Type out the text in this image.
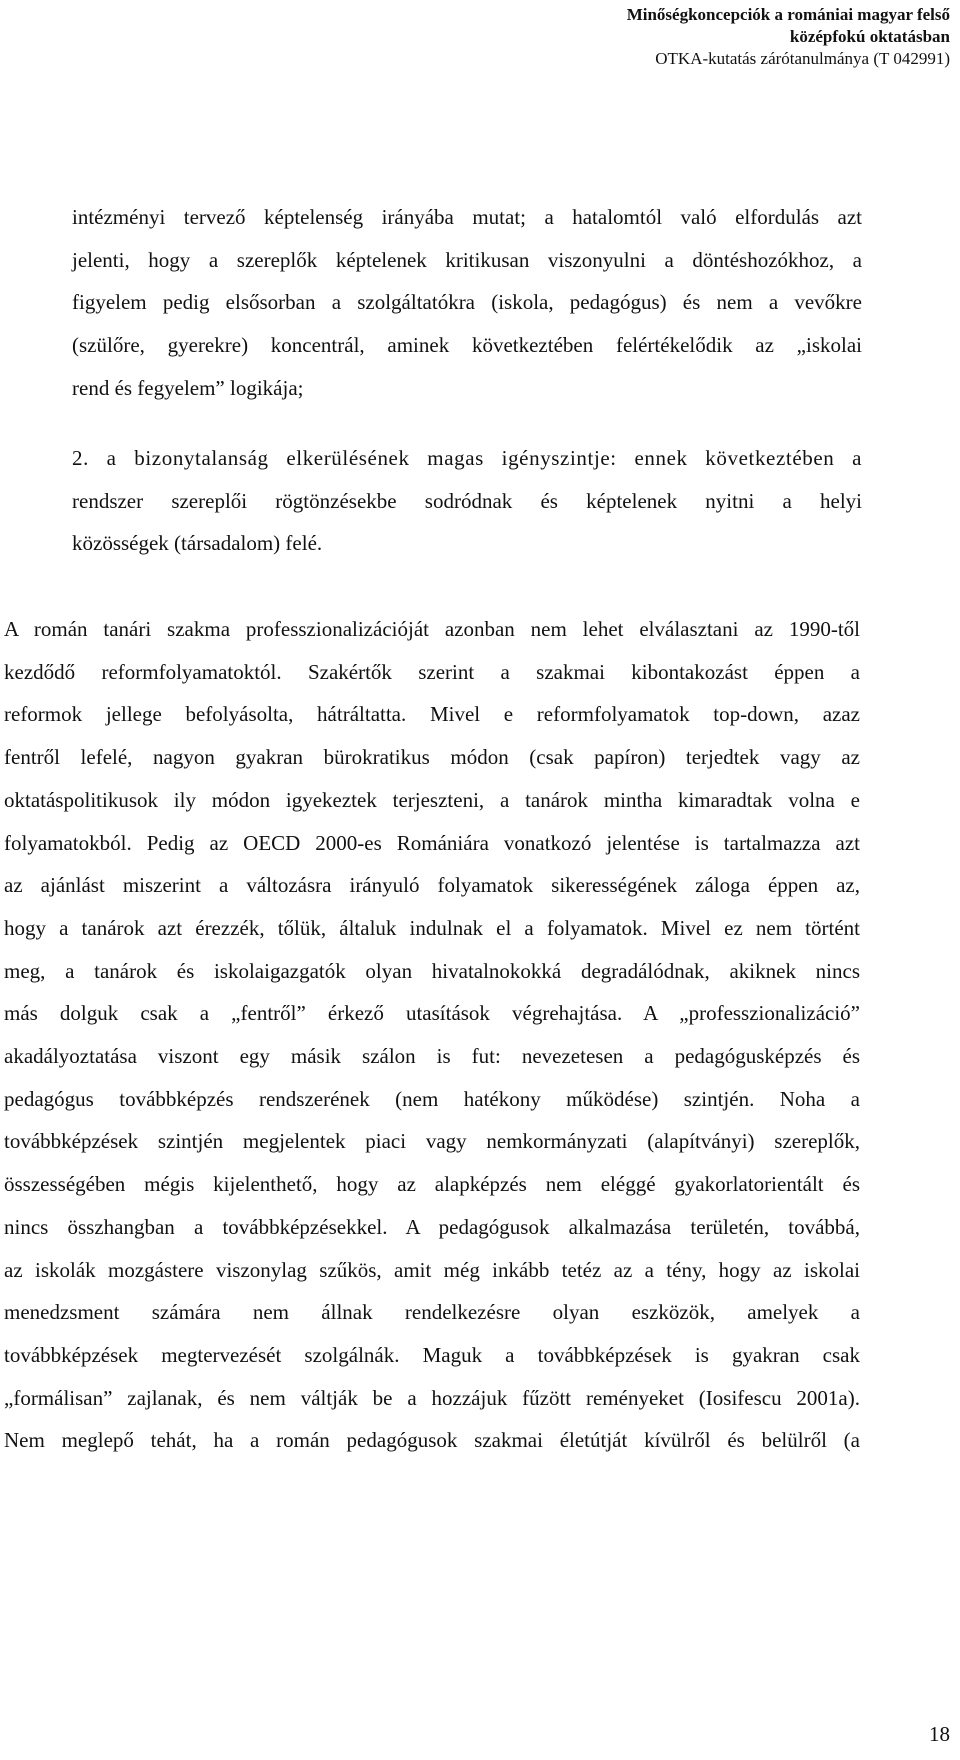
Minőségkoncepciók a romániai magyar felső
középfokú oktatásban
OTKA-kutatás zárótanulmánya (T 042991)
intézményi tervező képtelenség irányába mutat; a hatalomtól való elfordulás azt
jelenti, hogy a szereplők képtelenek kritikusan viszonyulni a döntéshozókhoz, a
figyelem pedig elsősorban a szolgáltatókra (iskola, pedagógus) és nem a vevőkre
(szülőre, gyerekre) koncentrál, aminek következtében felértékelődik az „iskolai
rend és fegyelem” logikája;
2. a bizonytalanság elkerülésének magas igényszintje: ennek következtében a
rendszer szereplői rögtönzésekbe sodródnak és képtelenek nyitni a helyi
közösségek (társadalom) felé.
A román tanári szakma professzionalizációját azonban nem lehet elválasztani az 1990-től
kezdődő reformfolyamatoktól. Szakértők szerint a szakmai kibontakozást éppen a
reformok jellege befolyásolta, hátráltatta. Mivel e reformfolyamatok top-down, azaz
fentről lefelé, nagyon gyakran bürokratikus módon (csak papíron) terjedtek vagy az
oktatáspolitikusok ily módon igyekeztek terjeszteni, a tanárok mintha kimaradtak volna e
folyamatokból. Pedig az OECD 2000-es Romániára vonatkozó jelentése is tartalmazza azt
az ajánlást miszerint a változásra irányuló folyamatok sikerességének záloga éppen az,
hogy a tanárok azt érezzék, tőlük, általuk indulnak el a folyamatok. Mivel ez nem történt
meg, a tanárok és iskolaigazgatók olyan hivatalnokokká degradálódnak, akiknek nincs
más dolguk csak a „fentről” érkező utasítások végrehajtása. A „professzionalizáció”
akadályoztatása viszont egy másik szálon is fut: nevezetesen a pedagógusképzés és
pedagógus továbbképzés rendszerének (nem hatékony működése) szintjén. Noha a
továbbképzések szintjén megjelentek piaci vagy nemkormányzati (alapítványi) szereplők,
összességében mégis kijelenthető, hogy az alapképzés nem eléggé gyakorlatorientált és
nincs összhangban a továbbképzésekkel. A pedagógusok alkalmazása területén, továbbá,
az iskolák mozgástere viszonylag szűkös, amit még inkább tetéz az a tény, hogy az iskolai
menedzsment számára nem állnak rendelkezésre olyan eszközök, amelyek a
továbbképzések megtervezését szolgálnák. Maguk a továbbképzések is gyakran csak
„formálisan” zajlanak, és nem váltják be a hozzájuk fűzött reményeket (Iosifescu 2001a).
Nem meglepő tehát, ha a román pedagógusok szakmai életútját kívülről és belülről (a
18
